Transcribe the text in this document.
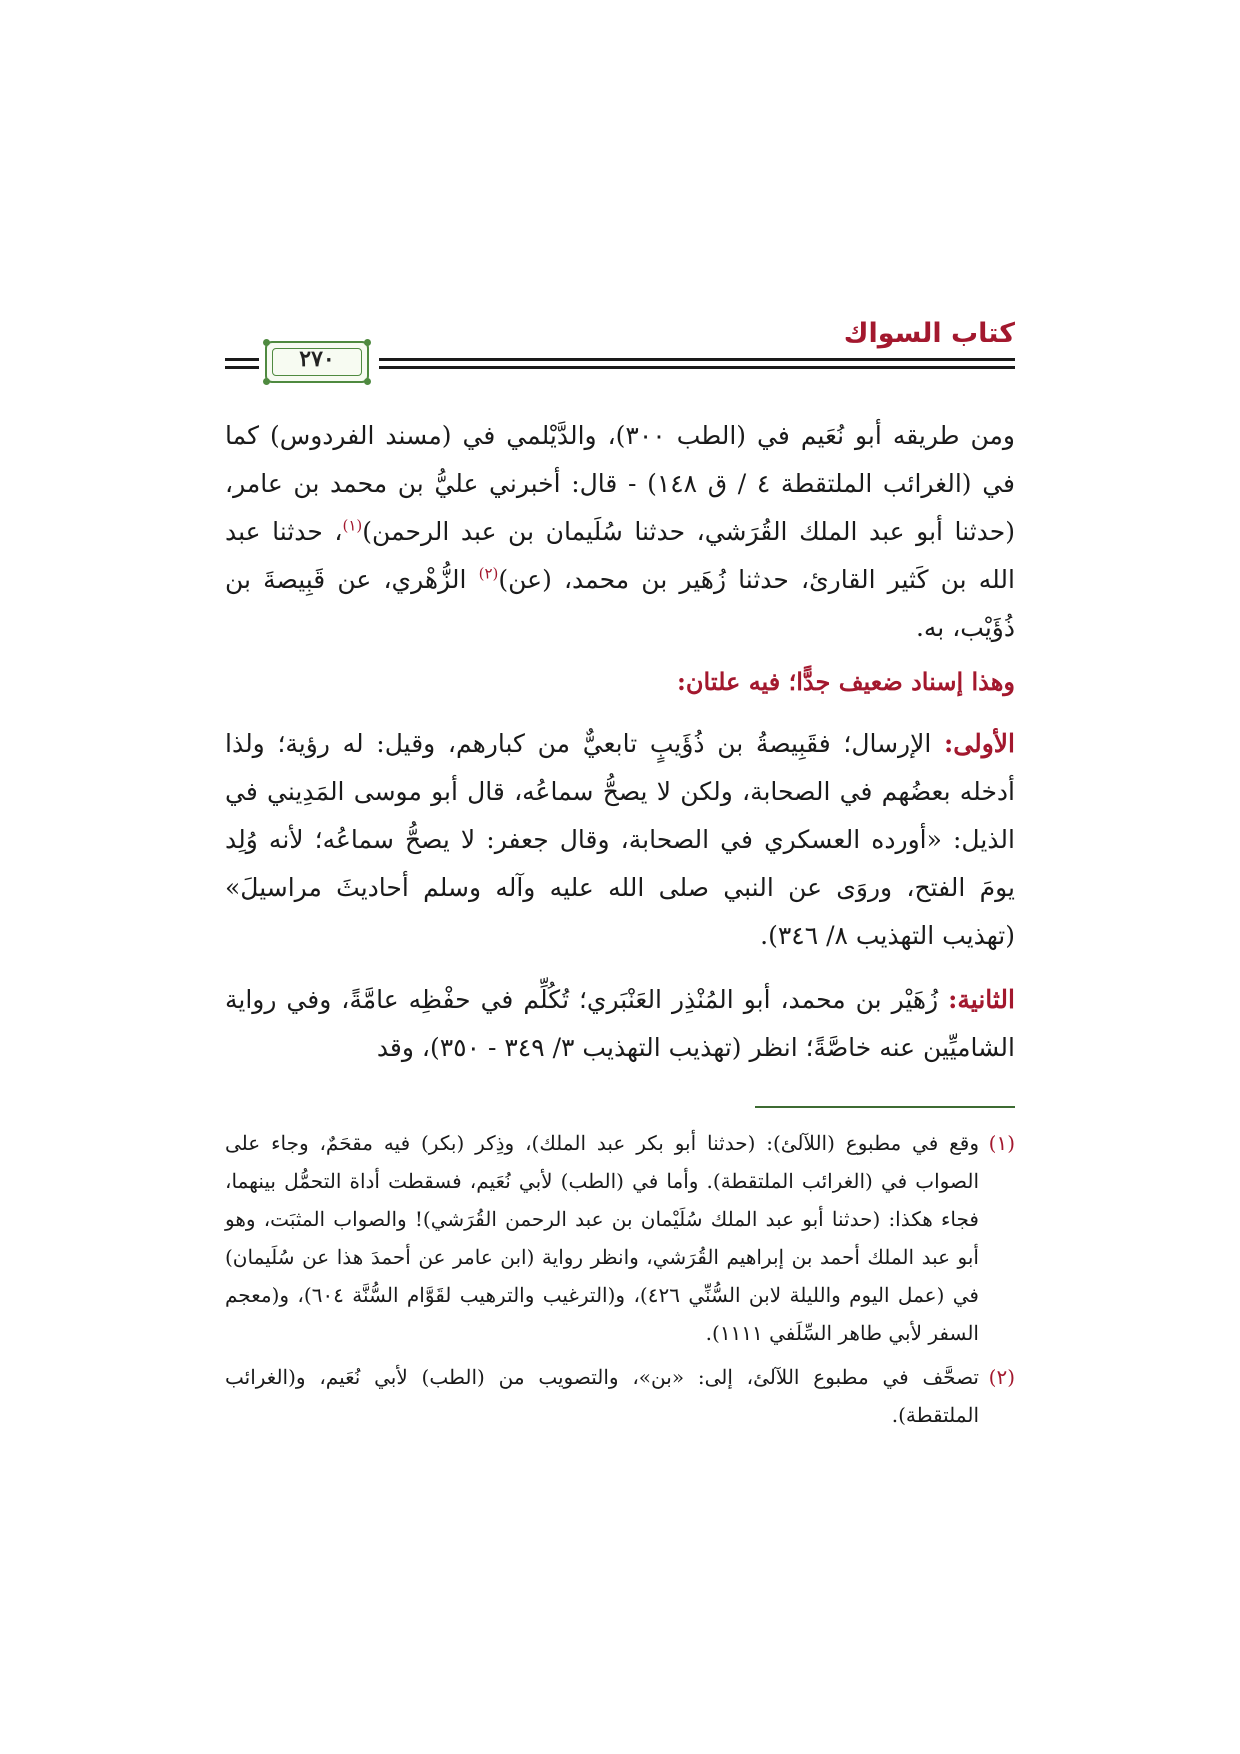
كتاب السواك
٢٧٠

ومن طريقه أبو نُعَيم في (الطب ٣٠٠)، والدَّيْلمي في (مسند الفردوس) كما في (الغرائب الملتقطة ٤ / ق ١٤٨) - قال: أخبرني عليُّ بن محمد بن عامر، (حدثنا أبو عبد الملك القُرَشي، حدثنا سُلَيمان بن عبد الرحمن)$^{(١)}$، حدثنا عبد الله بن كَثير القارئ، حدثنا زُهَير بن محمد، (عن)$^{(٢)}$ الزُّهْري، عن قَبِيصةَ بن ذُؤَيْب، به.

وهذا إسناد ضعيف جدًّا؛ فيه علتان:

الأولى: الإرسال؛ فقَبِيصةُ بن ذُؤَيبٍ تابعيٌّ من كبارهم، وقيل: له رؤية؛ ولذا أدخله بعضُهم في الصحابة، ولكن لا يصحُّ سماعُه، قال أبو موسى المَدِيني في الذيل: «أورده العسكري في الصحابة، وقال جعفر: لا يصحُّ سماعُه؛ لأنه وُلِد يومَ الفتح، وروَى عن النبي صلى الله عليه وآله وسلم أحاديثَ مراسيلَ» (تهذيب التهذيب ٨/ ٣٤٦).

الثانية: زُهَيْر بن محمد، أبو المُنْذِر العَنْبَري؛ تُكُلِّم في حفْظِه عامَّةً، وفي رواية الشاميِّين عنه خاصَّةً؛ انظر (تهذيب التهذيب ٣/ ٣٤٩ - ٣٥٠)، وقد

(١)
وقع في مطبوع (اللآلئ): (حدثنا أبو بكر عبد الملك)، وذِكر (بكر) فيه مقحَمٌ، وجاء على الصواب في (الغرائب الملتقطة). وأما في (الطب) لأبي نُعَيم، فسقطت أداة التحمُّل بينهما، فجاء هكذا: (حدثنا أبو عبد الملك سُلَيْمان بن عبد الرحمن القُرَشي)! والصواب المثبَت، وهو أبو عبد الملك أحمد بن إبراهيم القُرَشي، وانظر رواية (ابن عامر عن أحمدَ هذا عن سُلَيمان) في (عمل اليوم والليلة لابن السُّنِّي ٤٢٦)، و(الترغيب والترهيب لقَوَّام السُّنَّة ٦٠٤)، و(معجم السفر لأبي طاهر السِّلَفي ١١١١).

(٢)
تصحَّف في مطبوع اللآلئ، إلى: «بن»، والتصويب من (الطب) لأبي نُعَيم، و(الغرائب الملتقطة).
